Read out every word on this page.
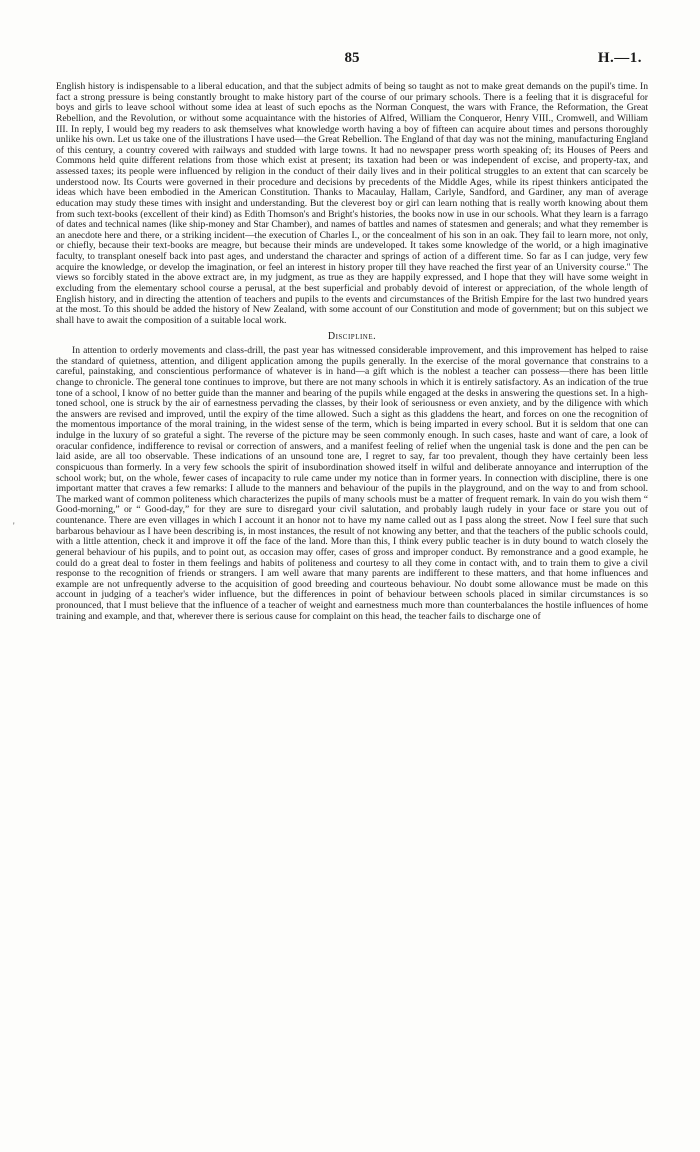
85	H.—1.
'

English history is indispensable to a liberal education, and that the subject admits of being so taught as not to make great demands on the pupil's time. In fact a strong pressure is being constantly brought to make history part of the course of our primary schools. There is a feeling that it is disgraceful for boys and girls to leave school without some idea at least of such epochs as the Norman Conquest, the wars with France, the Reformation, the Great Rebellion, and the Revolution, or without some acquaintance with the histories of Alfred, William the Conqueror, Henry VIII., Cromwell, and William III. In reply, I would beg my readers to ask themselves what knowledge worth having a boy of fifteen can acquire about times and persons thoroughly unlike his own. Let us take one of the illustrations I have used—the Great Rebellion. The England of that day was not the mining, manufacturing England of this century, a country covered with railways and studded with large towns. It had no newspaper press worth speaking of; its Houses of Peers and Commons held quite different relations from those which exist at present; its taxation had been or was independent of excise, and property-tax, and assessed taxes; its people were influenced by religion in the conduct of their daily lives and in their political struggles to an extent that can scarcely be understood now. Its Courts were governed in their procedure and decisions by precedents of the Middle Ages, while its ripest thinkers anticipated the ideas which have been embodied in the American Constitution. Thanks to Macaulay, Hallam, Carlyle, Sandford, and Gardiner, any man of average education may study these times with insight and understanding. But the cleverest boy or girl can learn nothing that is really worth knowing about them from such text-books (excellent of their kind) as Edith Thomson's and Bright's histories, the books now in use in our schools. What they learn is a farrago of dates and technical names (like ship-money and Star Chamber), and names of battles and names of statesmen and generals; and what they remember is an anecdote here and there, or a striking incident—the execution of Charles I., or the concealment of his son in an oak. They fail to learn more, not only, or chiefly, because their text-books are meagre, but because their minds are undeveloped. It takes some knowledge of the world, or a high imaginative faculty, to transplant oneself back into past ages, and understand the character and springs of action of a different time. So far as I can judge, very few acquire the knowledge, or develop the imagination, or feel an interest in history proper till they have reached the first year of an University course." The views so forcibly stated in the above extract are, in my judgment, as true as they are happily expressed, and I hope that they will have some weight in excluding from the elementary school course a perusal, at the best superficial and probably devoid of interest or appreciation, of the whole length of English history, and in directing the attention of teachers and pupils to the events and circumstances of the British Empire for the last two hundred years at the most. To this should be added the history of New Zealand, with some account of our Constitution and mode of government; but on this subject we shall have to await the composition of a suitable local work.

Discipline.

In attention to orderly movements and class-drill, the past year has witnessed considerable improvement, and this improvement has helped to raise the standard of quietness, attention, and diligent application among the pupils generally. In the exercise of the moral governance that constrains to a careful, painstaking, and conscientious performance of whatever is in hand—a gift which is the noblest a teacher can possess—there has been little change to chronicle. The general tone continues to improve, but there are not many schools in which it is entirely satisfactory. As an indication of the true tone of a school, I know of no better guide than the manner and bearing of the pupils while engaged at the desks in answering the questions set. In a high-toned school, one is struck by the air of earnestness pervading the classes, by their look of seriousness or even anxiety, and by the diligence with which the answers are revised and improved, until the expiry of the time allowed. Such a sight as this gladdens the heart, and forces on one the recognition of the momentous importance of the moral training, in the widest sense of the term, which is being imparted in every school. But it is seldom that one can indulge in the luxury of so grateful a sight. The reverse of the picture may be seen commonly enough. In such cases, haste and want of care, a look of oracular confidence, indifference to revisal or correction of answers, and a manifest feeling of relief when the ungenial task is done and the pen can be laid aside, are all too observable. These indications of an unsound tone are, I regret to say, far too prevalent, though they have certainly been less conspicuous than formerly. In a very few schools the spirit of insubordination showed itself in wilful and deliberate annoyance and interruption of the school work; but, on the whole, fewer cases of incapacity to rule came under my notice than in former years. In connection with discipline, there is one important matter that craves a few remarks: I allude to the manners and behaviour of the pupils in the playground, and on the way to and from school. The marked want of common politeness which characterizes the pupils of many schools must be a matter of frequent remark. In vain do you wish them “ Good-morning,” or “ Good-day,” for they are sure to disregard your civil salutation, and probably laugh rudely in your face or stare you out of countenance. There are even villages in which I account it an honor not to have my name called out as I pass along the street. Now I feel sure that such barbarous behaviour as I have been describing is, in most instances, the result of not knowing any better, and that the teachers of the public schools could, with a little attention, check it and improve it off the face of the land. More than this, I think every public teacher is in duty bound to watch closely the general behaviour of his pupils, and to point out, as occasion may offer, cases of gross and improper conduct. By remonstrance and a good example, he could do a great deal to foster in them feelings and habits of politeness and courtesy to all they come in contact with, and to train them to give a civil response to the recognition of friends or strangers. I am well aware that many parents are indifferent to these matters, and that home influences and example are not unfrequently adverse to the acquisition of good breeding and courteous behaviour. No doubt some allowance must be made on this account in judging of a teacher's wider influence, but the differences in point of behaviour between schools placed in similar circumstances is so pronounced, that I must believe that the influence of a teacher of weight and earnestness much more than counterbalances the hostile influences of home training and example, and that, wherever there is serious cause for complaint on this head, the teacher fails to discharge one of
